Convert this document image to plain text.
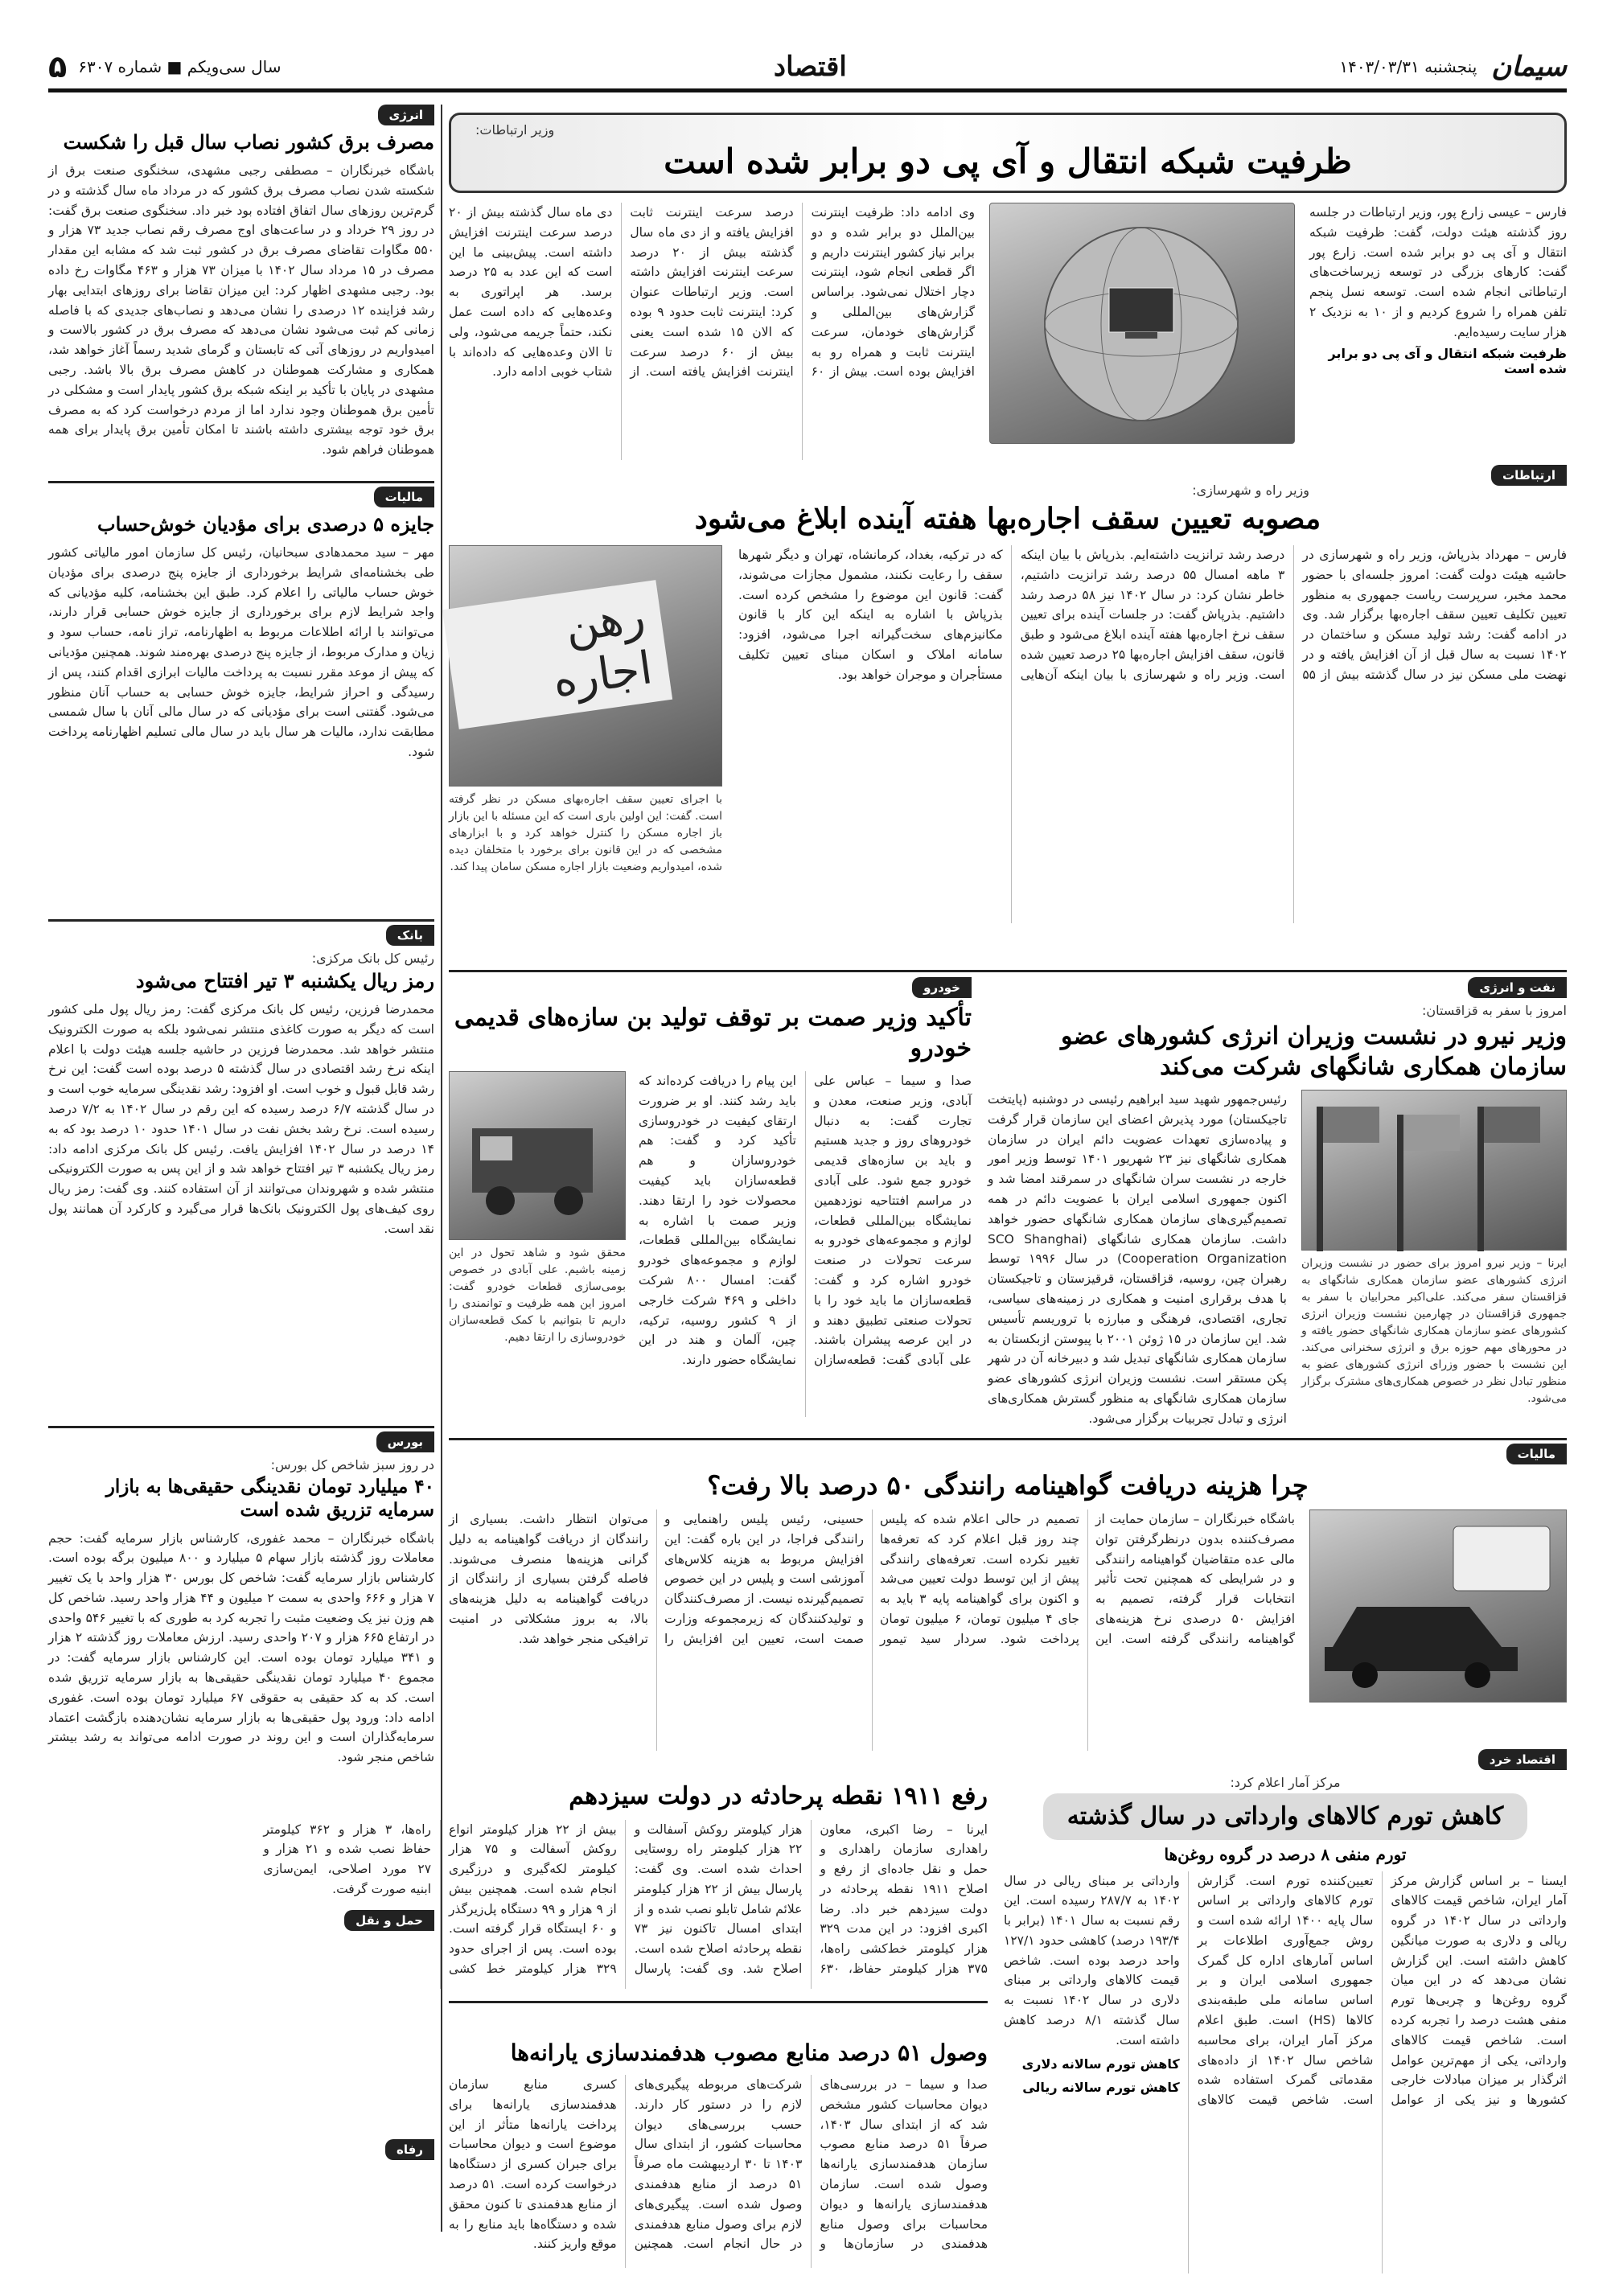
سیمان
پنجشنبه ۱۴۰۳/۰۳/۳۱
اقتصاد
سال سی‌ویکم ■ شماره ۶۳۰۷
۵
انرژی
مصرف برق کشور نصاب سال قبل را شکست
باشگاه خبرنگاران – مصطفی رجبی مشهدی، سخنگوی صنعت برق از شکسته شدن نصاب مصرف برق کشور که در مرداد ماه سال گذشته و در گرم‌ترین روزهای سال اتفاق افتاده بود خبر داد. سخنگوی صنعت برق گفت: در روز ۲۹ خرداد و در ساعت‌های اوج مصرف رقم نصاب جدید ۷۳ هزار و ۵۵۰ مگاوات تقاضای مصرف برق در کشور ثبت شد که مشابه این مقدار مصرف در ۱۵ مرداد سال ۱۴۰۲ با میزان ۷۳ هزار و ۴۶۳ مگاوات رخ داده بود. رجبی مشهدی اظهار کرد: این میزان تقاضا برای روزهای ابتدایی بهار رشد فزاینده ۱۲ درصدی را نشان می‌دهد و نصاب‌های جدیدی که با فاصله زمانی کم ثبت می‌شود نشان می‌دهد که مصرف برق در کشور بالاست و امیدواریم در روزهای آتی که تابستان و گرمای شدید رسماً آغاز خواهد شد، همکاری و مشارکت هموطنان در کاهش مصرف برق بالا باشد. رجبی مشهدی در پایان با تأکید بر اینکه شبکه برق کشور پایدار است و مشکلی در تأمین برق هموطنان وجود ندارد اما از مردم درخواست کرد که به مصرف برق خود توجه بیشتری داشته باشند تا امکان تأمین برق پایدار برای همه هموطنان فراهم شود.
مالیات
جایزه ۵ درصدی برای مؤدیان خوش‌حساب
مهر – سید محمدهادی سبحانیان، رئیس کل سازمان امور مالیاتی کشور طی بخشنامه‌ای شرایط برخورداری از جایزه پنج درصدی برای مؤدیان خوش حساب مالیاتی را اعلام کرد. طبق این بخشنامه، کلیه مؤدیانی که واجد شرایط لازم برای برخورداری از جایزه خوش حسابی قرار دارند، می‌توانند با ارائه اطلاعات مربوط به اظهارنامه، تراز نامه، حساب سود و زیان و مدارک مربوط، از جایزه پنج درصدی بهره‌مند شوند. همچنین مؤدیانی که پیش از موعد مقرر نسبت به پرداخت مالیات ابرازی اقدام کنند، پس از رسیدگی و احراز شرایط، جایزه خوش حسابی به حساب آنان منظور می‌شود. گفتنی است برای مؤدیانی که در سال مالی آنان با سال شمسی مطابقت ندارد، مالیات هر سال باید در سال مالی تسلیم اظهارنامه پرداخت شود.
بانک
رئیس کل بانک مرکزی:
رمز ریال یکشنبه ۳ تیر افتتاح می‌شود
محمدرضا فرزین، رئیس کل بانک مرکزی گفت: رمز ریال پول ملی کشور است که دیگر به صورت کاغذی منتشر نمی‌شود بلکه به صورت الکترونیک منتشر خواهد شد. محمدرضا فرزین در حاشیه جلسه هیئت دولت با اعلام اینکه نرخ رشد اقتصادی در سال گذشته ۵ درصد بوده است گفت: این نرخ رشد قابل قبول و خوب است. او افزود: رشد نقدینگی سرمایه خوب است و در سال گذشته ۶/۷ درصد رسیده که این رقم در سال ۱۴۰۲ به ۷/۲ درصد رسیده است. نرخ رشد بخش نفت در سال ۱۴۰۱ حدود ۱۰ درصد بود که به ۱۴ درصد در سال ۱۴۰۲ افزایش یافت. رئیس کل بانک مرکزی ادامه داد: رمز ریال یکشنبه ۳ تیر افتتاح خواهد شد و از این پس به صورت الکترونیکی منتشر شده و شهروندان می‌توانند از آن استفاده کنند. وی گفت: رمز ریال روی کیف‌های پول الکترونیک بانک‌ها قرار می‌گیرد و کارکرد آن همانند پول نقد است.
بورس
در روز سبز شاخص کل بورس:
۴۰ میلیارد تومان نقدینگی حقیقی‌ها به بازار سرمایه تزریق شده است
باشگاه خبرنگاران – محمد غفوری، کارشناس بازار سرمایه گفت: حجم معاملات روز گذشته بازار سهام ۵ میلیارد و ۸۰۰ میلیون برگه بوده است. کارشناس بازار سرمایه گفت: شاخص کل بورس ۳۰ هزار واحد با یک تغییر ۷ هزار و ۶۶۶ واحدی به سمت ۲ میلیون و ۴۴ هزار واحد رسید. شاخص کل هم وزن نیز یک وضعیت مثبت را تجربه کرد به طوری که با تغییر ۵۴۶ واحدی در ارتفاع ۶۶۵ هزار و ۲۰۷ واحدی رسید. ارزش معاملات روز گذشته ۲ هزار و ۳۴۱ میلیارد تومان بوده است. این کارشناس بازار سرمایه گفت: در مجموع ۴۰ میلیارد تومان نقدینگی حقیقی‌ها به بازار سرمایه تزریق شده است. کد به کد حقیقی به حقوقی ۶۷ میلیارد تومان بوده است. غفوری ادامه داد: ورود پول حقیقی‌ها به بازار سرمایه نشان‌دهنده بازگشت اعتماد سرمایه‌گذاران است و این روند در صورت ادامه می‌تواند به رشد بیشتر شاخص منجر شود.
حمل و نقل
رفاه
وزیر ارتباطات:
ظرفیت شبکه انتقال و آی پی دو برابر شده است
فارس – عیسی زارع پور، وزیر ارتباطات در جلسه روز گذشته هیئت دولت، گفت: ظرفیت شبکه انتقال و آی پی دو برابر شده است. زارع پور گفت: کارهای بزرگی در توسعه زیرساخت‌های ارتباطاتی انجام شده است. توسعه نسل پنجم تلفن همراه را شروع کردیم و از ۱۰ به نزدیک ۲ هزار سایت رسیده‌ایم.
ظرفیت شبکه انتقال و آی پی دو برابر شده است
وی ادامه داد: ظرفیت اینترنت بین‌الملل دو برابر شده و دو برابر نیاز کشور اینترنت داریم و اگر قطعی انجام شود، اینترنت دچار اختلال نمی‌شود. براساس گزارش‌های بین‌المللی و گزارش‌های خودمان، سرعت اینترنت ثابت و همراه رو به افزایش بوده است. بیش از ۶۰ درصد سرعت اینترنت ثابت افزایش یافته و از دی ماه سال گذشته بیش از ۲۰ درصد سرعت اینترنت افزایش داشته است. وزیر ارتباطات عنوان کرد: اینترنت ثابت حدود ۹ بوده که الان ۱۵ شده است یعنی بیش از ۶۰ درصد سرعت اینترنت افزایش یافته است. از دی ماه سال گذشته بیش از ۲۰ درصد سرعت اینترنت افزایش داشته است. پیش‌بینی ما این است که این عدد به ۲۵ درصد برسد. هر اپراتوری به وعده‌هایی که داده است عمل نکند، حتماً جریمه می‌شود، ولی تا الان وعده‌هایی که داده‌اند با شتاب خوبی ادامه دارد.
ارتباطات
وزیر راه و شهرسازی:
مصوبه تعیین سقف اجاره‌بها هفته آینده ابلاغ می‌شود
فارس – مهرداد بذرپاش، وزیر راه و شهرسازی در حاشیه هیئت دولت گفت: امروز جلسه‌ای با حضور محمد مخبر، سرپرست ریاست جمهوری به منظور تعیین تکلیف تعیین سقف اجاره‌بها برگزار شد. وی در ادامه گفت: رشد تولید مسکن و ساختمان در ۱۴۰۲ نسبت به سال قبل از آن افزایش یافته و در نهضت ملی مسکن نیز در سال گذشته بیش از ۵۵ درصد رشد ترانزیت داشته‌ایم. بذرپاش با بیان اینکه ۳ ماهه امسال ۵۵ درصد رشد ترانزیت داشتیم، خاطر نشان کرد: در سال ۱۴۰۲ نیز ۵۸ درصد رشد داشتیم. بذرپاش گفت: در جلسات آینده برای تعیین سقف نرخ اجاره‌بها هفته آینده ابلاغ می‌شود و طبق قانون، سقف افزایش اجاره‌بها ۲۵ درصد تعیین شده است. وزیر راه و شهرسازی با بیان اینکه آن‌هایی که در ترکیه، بغداد، کرمانشاه، تهران و دیگر شهرها سقف را رعایت نکنند، مشمول مجازات می‌شوند، گفت: قانون این موضوع را مشخص کرده است. بذرپاش با اشاره به اینکه این کار با قانون مکانیزم‌های سخت‌گیرانه اجرا می‌شود، افزود: سامانه املاک و اسکان مبنای تعیین تکلیف مستأجران و موجران خواهد بود.
رهن اجاره
با اجرای تعیین سقف اجاره‌بهای مسکن در نظر گرفته است. گفت: این اولین باری است که این مسئله با این بازار باز اجاره مسکن را کنترل خواهد کرد و با ابزارهای مشخصی که در این قانون برای برخورد با متخلفان دیده شده، امیدواریم وضعیت بازار اجاره مسکن سامان پیدا کند.
نفت و انرژی
امروز با سفر به قزاقستان:
وزیر نیرو در نشست وزیران انرژی کشورهای عضو سازمان همکاری شانگهای شرکت می‌کند
ایرنا – وزیر نیرو امروز برای حضور در نشست وزیران انرژی کشورهای عضو سازمان همکاری شانگهای به قزاقستان سفر می‌کند. علی‌اکبر محرابیان با سفر به جمهوری قزاقستان در چهارمین نشست وزیران انرژی کشورهای عضو سازمان همکاری شانگهای حضور یافته و در محورهای مهم حوزه برق و انرژی سخنرانی می‌کند. این نشست با حضور وزرای انرژی کشورهای عضو به منظور تبادل نظر در خصوص همکاری‌های مشترک برگزار می‌شود.
رئیس‌جمهور شهید سید ابراهیم رئیسی در دوشنبه (پایتخت تاجیکستان) مورد پذیرش اعضای این سازمان قرار گرفت و پیاده‌سازی تعهدات عضویت دائم ایران در سازمان همکاری شانگهای نیز ۲۳ شهریور ۱۴۰۱ توسط وزیر امور خارجه در نشست سران شانگهای در سمرقند امضا شد و اکنون جمهوری اسلامی ایران با عضویت دائم در همه تصمیم‌گیری‌های سازمان همکاری شانگهای حضور خواهد داشت. سازمان همکاری شانگهای (SCO Shanghai Cooperation Organization) در سال ۱۹۹۶ توسط رهبران چین، روسیه، قزاقستان، قرقیزستان و تاجیکستان با هدف برقراری امنیت و همکاری در زمینه‌های سیاسی، تجاری، اقتصادی، فرهنگی و مبارزه با تروریسم تأسیس شد. این سازمان در ۱۵ ژوئن ۲۰۰۱ با پیوستن ازبکستان به سازمان همکاری شانگهای تبدیل شد و دبیرخانه آن در شهر پکن مستقر است. نشست وزیران انرژی کشورهای عضو سازمان همکاری شانگهای به منظور گسترش همکاری‌های انرژی و تبادل تجربیات برگزار می‌شود.
خودرو
تأکید وزیر صمت بر توقف تولید بن سازه‌های قدیمی خودرو
صدا و سیما – عباس علی آبادی، وزیر صنعت، معدن و تجارت گفت: به دنبال خودروهای روز و جدید هستیم و باید بن سازه‌های قدیمی خودرو جمع شود. علی آبادی در مراسم افتتاحیه نوزدهمین نمایشگاه بین‌المللی قطعات، لوازم و مجموعه‌های خودرو به سرعت تحولات در صنعت خودرو اشاره کرد و گفت: قطعه‌سازان ما باید خود را با تحولات صنعتی تطبیق دهند و در این عرصه پیشران باشند. علی آبادی گفت: قطعه‌سازان این پیام را دریافت کرده‌اند که باید رشد کنند. او بر ضرورت ارتقای کیفیت در خودروسازی تأکید کرد و گفت: هم خودروسازان و هم قطعه‌سازان باید کیفیت محصولات خود را ارتقا دهند. وزیر صمت با اشاره به نمایشگاه بین‌المللی قطعات، لوازم و مجموعه‌های خودرو گفت: امسال ۸۰۰ شرکت داخلی و ۴۶۹ شرکت خارجی از ۹ کشور روسیه، ترکیه، چین، آلمان و هند در این نمایشگاه حضور دارند.
محقق شود و شاهد تحول در این زمینه باشیم. علی آبادی در خصوص بومی‌سازی قطعات خودرو گفت: امروز این همه ظرفیت و توانمندی را داریم تا بتوانیم با کمک قطعه‌سازان خودروسازی را ارتقا دهیم.
مالیات
چرا هزینه دریافت گواهینامه رانندگی ۵۰ درصد بالا رفت؟
باشگاه خبرنگاران – سازمان حمایت از مصرف‌کننده بدون درنظرگرفتن توان مالی عده متقاضیان گواهینامه رانندگی و در شرایطی که همچنین تحت تأثیر انتخابات قرار گرفته، تصمیم به افزایش ۵۰ درصدی نرخ هزینه‌های گواهینامه رانندگی گرفته است. این تصمیم در حالی اعلام شده که پلیس چند روز قبل اعلام کرد که تعرفه‌ها تغییر نکرده است. تعرفه‌های رانندگی پیش از این توسط دولت تعیین می‌شد و اکنون برای گواهینامه پایه ۳ باید به جای ۴ میلیون تومان، ۶ میلیون تومان پرداخت شود. سردار سید تیمور حسینی، رئیس پلیس راهنمایی و رانندگی فراجا، در این باره گفت: این افزایش مربوط به هزینه کلاس‌های آموزشی است و پلیس در این خصوص تصمیم‌گیرنده نیست. از مصرف‌کنندگان و تولیدکنندگان که زیرمجموعه وزارت صمت است، تعیین این افزایش را می‌توان انتظار داشت. بسیاری از رانندگان از دریافت گواهینامه به دلیل گرانی هزینه‌ها منصرف می‌شوند. فاصله گرفتن بسیاری از رانندگان از دریافت گواهینامه به دلیل هزینه‌های بالا، به بروز مشکلاتی در امنیت ترافیکی منجر خواهد شد.
اقتصاد خرد
مرکز آمار اعلام کرد:
کاهش تورم کالاهای وارداتی در سال گذشته
تورم منفی ۸ درصد در گروه روغن‌ها
ایسنا – بر اساس گزارش مرکز آمار ایران، شاخص قیمت کالاهای وارداتی در سال ۱۴۰۲ در گروه ریالی و دلاری به صورت میانگین کاهش داشته است. این گزارش نشان می‌دهد که در این میان گروه روغن‌ها و چربی‌ها تورم منفی هشت درصد را تجربه کرده است. شاخص قیمت کالاهای وارداتی، یکی از مهم‌ترین عوامل اثرگذار بر میزان مبادلات خارجی کشورها و نیز یکی از عوامل تعیین‌کننده تورم است. گزارش تورم کالاهای وارداتی بر اساس سال پایه ۱۴۰۰ ارائه شده است و روش جمع‌آوری اطلاعات بر اساس آمارهای اداره کل گمرک جمهوری اسلامی ایران و بر اساس سامانه ملی طبقه‌بندی کالاها (HS) است. طبق اعلام مرکز آمار ایران، برای محاسبه شاخص سال ۱۴۰۲ از داده‌های مقدماتی گمرک استفاده شده است. شاخص قیمت کالاهای وارداتی بر مبنای ریالی در سال ۱۴۰۲ به ۲۸۷/۷ رسیده است. این رقم نسبت به سال ۱۴۰۱ (برابر با ۱۹۳/۴ درصد) کاهشی حدود ۱۲۷/۱ واحد درصد بوده است. شاخص قیمت کالاهای وارداتی بر مبنای دلاری در سال ۱۴۰۲ نسبت به سال گذشته ۸/۱ درصد کاهش داشته است.
کاهش تورم سالانه دلاری
کاهش تورم سالانه ریالی
رفع ۱۹۱۱ نقطه پرحادثه در دولت سیزدهم
ایرنا – رضا اکبری، معاون راهداری سازمان راهداری و حمل و نقل جاده‌ای از رفع و اصلاح ۱۹۱۱ نقطه پرحادثه در دولت سیزدهم خبر داد. رضا اکبری افزود: در این مدت ۳۲۹ هزار کیلومتر خط‌کشی راه‌ها، ۳۷۵ هزار کیلومتر حفاظ، ۶۳۰ هزار کیلومتر روکش آسفالت و ۲۲ هزار کیلومتر راه روستایی احداث شده است. وی گفت: پارسال بیش از ۲۲ هزار کیلومتر علائم شامل تابلو نصب شده و از ابتدای امسال تاکنون نیز ۷۳ نقطه پرحادثه اصلاح شده است. اصلاح شد. وی گفت: پارسال بیش از ۲۲ هزار کیلومتر انواع روکش آسفالت و ۷۵ هزار کیلومتر لکه‌گیری و درزگیری انجام شده است. همچنین بیش از ۹ هزار و ۹۹ دستگاه پل‌زیرگذر و ۶۰ ایستگاه قرار گرفته است. بوده است. پس از اجرای حدود ۳۲۹ هزار کیلومتر خط کشی راه‌ها، ۳ هزار و ۳۶۲ کیلومتر حفاظ نصب شده و ۲۱ هزار و ۲۷ مورد اصلاحی، ایمن‌سازی ابنیه صورت گرفت.
وصول ۵۱ درصد منابع مصوب هدفمندسازی یارانه‌ها
صدا و سیما – در بررسی‌های دیوان محاسبات کشور مشخص شد که از ابتدای سال ۱۴۰۳، صرفاً ۵۱ درصد منابع مصوب سازمان هدفمندسازی یارانه‌ها وصول شده است. سازمان هدفمندسازی یارانه‌ها و دیوان محاسبات برای وصول منابع هدفمندی در سازمان‌ها و شرکت‌های مربوطه پیگیری‌های لازم را در دستور کار دارند. حسب بررسی‌های دیوان محاسبات کشور، از ابتدای سال ۱۴۰۳ تا ۳۰ اردیبهشت ماه صرفاً ۵۱ درصد از منابع هدفمندی وصول شده است. پیگیری‌های لازم برای وصول منابع هدفمندی در حال انجام است. همچنین کسری منابع سازمان هدفمندسازی یارانه‌ها برای پرداخت یارانه‌ها متأثر از این موضوع است و دیوان محاسبات برای جبران کسری از دستگاه‌ها درخواست کرده است. ۵۱ درصد از منابع هدفمندی تا کنون محقق شده و دستگاه‌ها باید منابع را به موقع واریز کنند.
